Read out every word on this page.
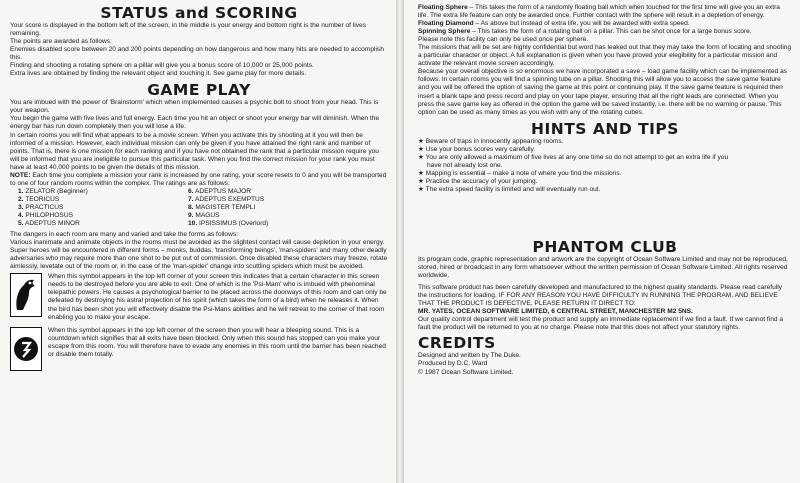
STATUS and SCORING

Your score is displayed in the bottom left of the screen, in the middle is your energy and bottom right is the number of lives remaining.

The points are awarded as follows:

Enemies disabled score between 20 and 200 points depending on how dangerous and how many hits are needed to accomplish this.

Finding and shooting a rotating sphere on a pillar will give you a bonus score of 10,000 or 25,000 points.

Extra lives are obtained by finding the relevant object and touching it. See game play for more details.

GAME PLAY

You are imbued with the power of 'Brainstorm' which when implemented causes a psychic bolt to shoot from your head. This is your weapon.

You begin the game with five lives and full energy. Each time you hit an object or shoot your energy bar will diminish. When the energy bar has run down completely then you will lose a life.

In certain rooms you will find what appears to be a movie screen. When you activate this by shooting at it you will then be informed of a mission. However, each individual mission can only be given if you have attained the right rank and number of points. That is, there is one mission for each ranking and if you have not obtained the rank that a particular mission require you will be informed that you are ineligible to pursue this particular task. When you find the correct mission for your rank you must have at least 40,000 points to be given the details of this mission.

NOTE: Each time you complete a mission your rank is increased by one rating, your score resets to 0 and you will be transported to one of four random rooms within the complex. The ratings are as follows:

1. ZELATOR (Beginner)	6. ADEPTUS MAJOR
2. TEORICUS	7. ADEPTUS EXEMPTUS
3. PRACTICUS	8. MAGISTER TEMPLI
4. PHILOPHOSUS	9. MAGUS
5. ADEPTUS MINOR	10. IPSISSIMUS (Overlord)

The dangers in each room are many and varied and take the forms as follows:

Various inanimate and animate objects in the rooms must be avoided as the slightest contact will cause depletion in your energy.

Super heroes will be encountered in different forms – monks, buddas, 'transforming beings', 'man-spiders' and many other deadly adversaries who may require more than one shot to be put out of commission. Once disabled these characters may freeze, rotate aimlessly, levetate out of the room or, in the case of the 'man-spider' change into scuttling spiders which must be avoided.

When this symbol appears in the top left corner of your screen this indicates that a certain character in this screen needs to be destroyed before you are able to exit. One of which is the 'Psi-Mam' who is imbued with phenominal telepathic powers. He causes a psychological barrier to be placed across the doorways of this room and can only be defeated by destroying his astral projection of his spirit (which takes the form of a bird) when he releases it. When the bird has been shot you will effectively disable the Psi-Mans abilities and he will retreat to the corner of that room enabling you to make your escape.

When this symbol appears in the top left corner of the screen then you will hear a bleeping sound. This is a countdown which signifies that all exits have been blocked. Only when this sound has stopped can you make your escape from this room. You will therefore have to evade any enemies in this room until the barrier has been reached or disable them totally.

Floating Sphere – This takes the form of a randomly floating ball which when touched for the first time will give you an extra life. The extra life feature can only be awarded once. Further contact with the sphere will result in a depletion of energy.

Floating Diamond – As above but instead of extra life, you will be awarded with extra speed.

Spinning Sphere – This takes the form of a rotating ball on a pillar. This can be shot once for a large bonus score.

Please note this facility can only be used once per sphere.

The missions that will be set are highly confidential but word has leaked out that they may take the form of locating and shooting a particular character or object. A full explanation is given when you have proved your elegibility for a particular mission and activate the relevant movie screen accordingly.

Because your overall objective is so enormous we have incorporated a save – load game facility which can be implemented as follows. In certain rooms you will find a spinning tube on a pillar. Shooting this will allow you to access the save game feature and you will be offered the option of saving the game at this point or continuing play. If the save game feature is required then insert a blank tape and press record and play on your tape player, ensuring that all the right leads are connected. When you press the save game key as offered in the option the game will be saved instantly, i.e. there will be no warning or pause. This option can be used as many times as you wish with any of the rotating cubes.

HINTS AND TIPS
★ Beware of traps in innocently appearing rooms.
★ Use your bonus scores very carefully.
★ You are only allowed a maximum of five lives at any one time so do not attempt to get an extra life if you
have not already lost one.
★ Mapping is essential – make a note of where you find the missions.
★ Practice the accuracy of your jumping.
★ The extra speed facility is limited and will eventually run out.
PHANTOM CLUB

Its program code, graphic representation and artwork are the copyright of Ocean Software Limited and may not be reproduced, stored, hired or broadcast in any form whatsoever without the written permission of Ocean Software Limited. All rights reserved worldwide.

This software product has been carefully developed and manufactured to the highest quality standards. Please read carefully the instructions for loading. IF FOR ANY REASON YOU HAVE DIFFICULTY IN RUNNING THE PROGRAM, AND BELIEVE THAT THE PRODUCT IS DEFECTIVE, PLEASE RETURN IT DIRECT TO:

MR. YATES, OCEAN SOFTWARE LIMITED, 6 CENTRAL STREET, MANCHESTER M2 5NS.

Our quality control department will test the product and supply an immediate replacement if we find a fault. If we cannot find a fault the product will be returned to you at no charge. Please note that this does not affect your statutory rights.

CREDITS

Designed and written by The Duke.

Produced by D.C. Ward

© 1987 Ocean Software Limited.
